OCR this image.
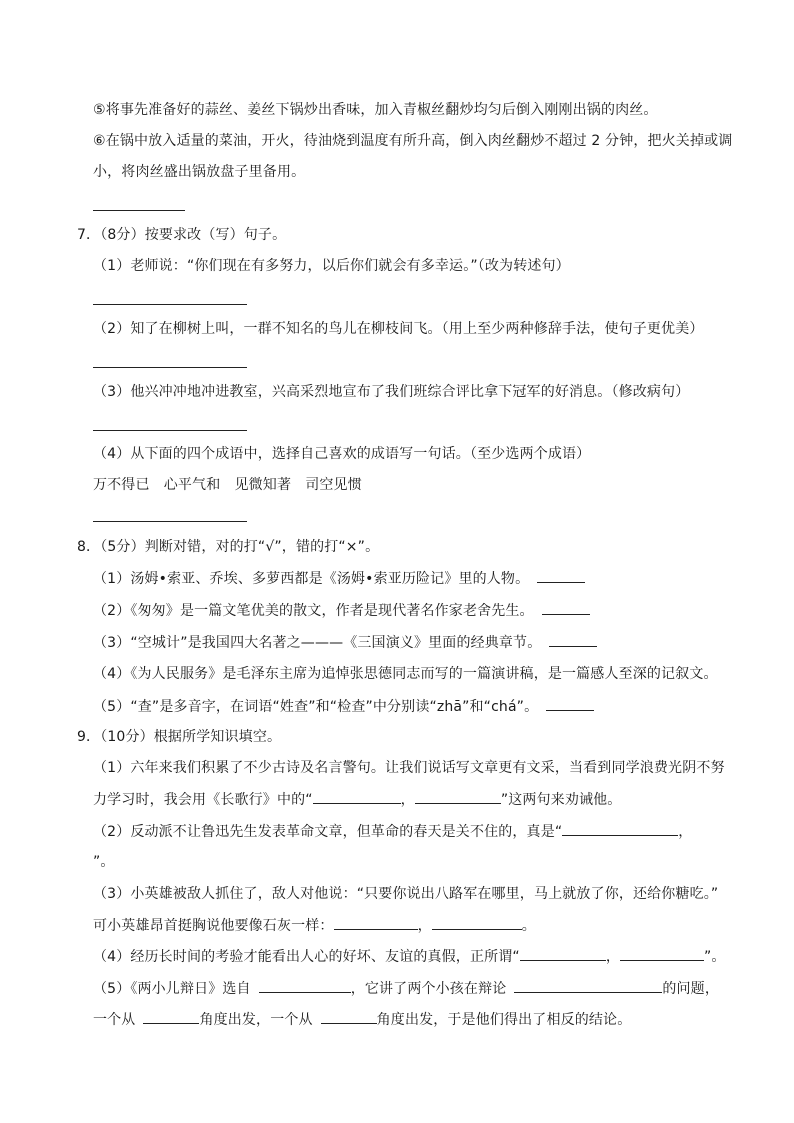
⑤将事先准备好的蒜丝、姜丝下锅炒出香味，加入青椒丝翻炒均匀后倒入刚刚出锅的肉丝。
⑥在锅中放入适量的菜油，开火，待油烧到温度有所升高，倒入肉丝翻炒不超过 2 分钟，把火关掉或调
小，将肉丝盛出锅放盘子里备用。
7．（8分）按要求改（写）句子。
（1）老师说：“你们现在有多努力，以后你们就会有多幸运。”（改为转述句）
（2）知了在柳树上叫，一群不知名的鸟儿在柳枝间飞。（用上至少两种修辞手法，使句子更优美）
（3）他兴冲冲地冲进教室，兴高采烈地宣布了我们班综合评比拿下冠军的好消息。（修改病句）
（4）从下面的四个成语中，选择自己喜欢的成语写一句话。（至少选两个成语）
万不得已　心平气和　见微知著　司空见惯
8．（5分）判断对错，对的打“√”，错的打“×”。
（1）汤姆•索亚、乔埃、多萝西都是《汤姆•索亚历险记》里的人物。
（2）《匆匆》是一篇文笔优美的散文，作者是现代著名作家老舍先生。
（3）“空城计”是我国四大名著之———《三国演义》里面的经典章节。
（4）《为人民服务》是毛泽东主席为追悼张思德同志而写的一篇演讲稿，是一篇感人至深的记叙文。
（5）“查”是多音字，在词语“姓查”和“检查”中分别读“zhā”和“chá”。
9．（10分）根据所学知识填空。
（1）六年来我们积累了不少古诗及名言警句。让我们说话写文章更有文采，当看到同学浪费光阴不努
力学习时，我会用《长歌行》中的“	，	”这两句来劝诫他。
（2）反动派不让鲁迅先生发表革命文章，但革命的春天是关不住的，真是“	，
”。
（3）小英雄被敌人抓住了，敌人对他说：“只要你说出八路军在哪里，马上就放了你，还给你糖吃。”
可小英雄昂首挺胸说他要像石灰一样：	，	。
（4）经历长时间的考验才能看出人心的好坏、友谊的真假，正所谓“	，	”。
（5）《两小儿辩日》选自	，它讲了两个小孩在辩论	的问题，
一个从	角度出发，一个从	角度出发，于是他们得出了相反的结论。
